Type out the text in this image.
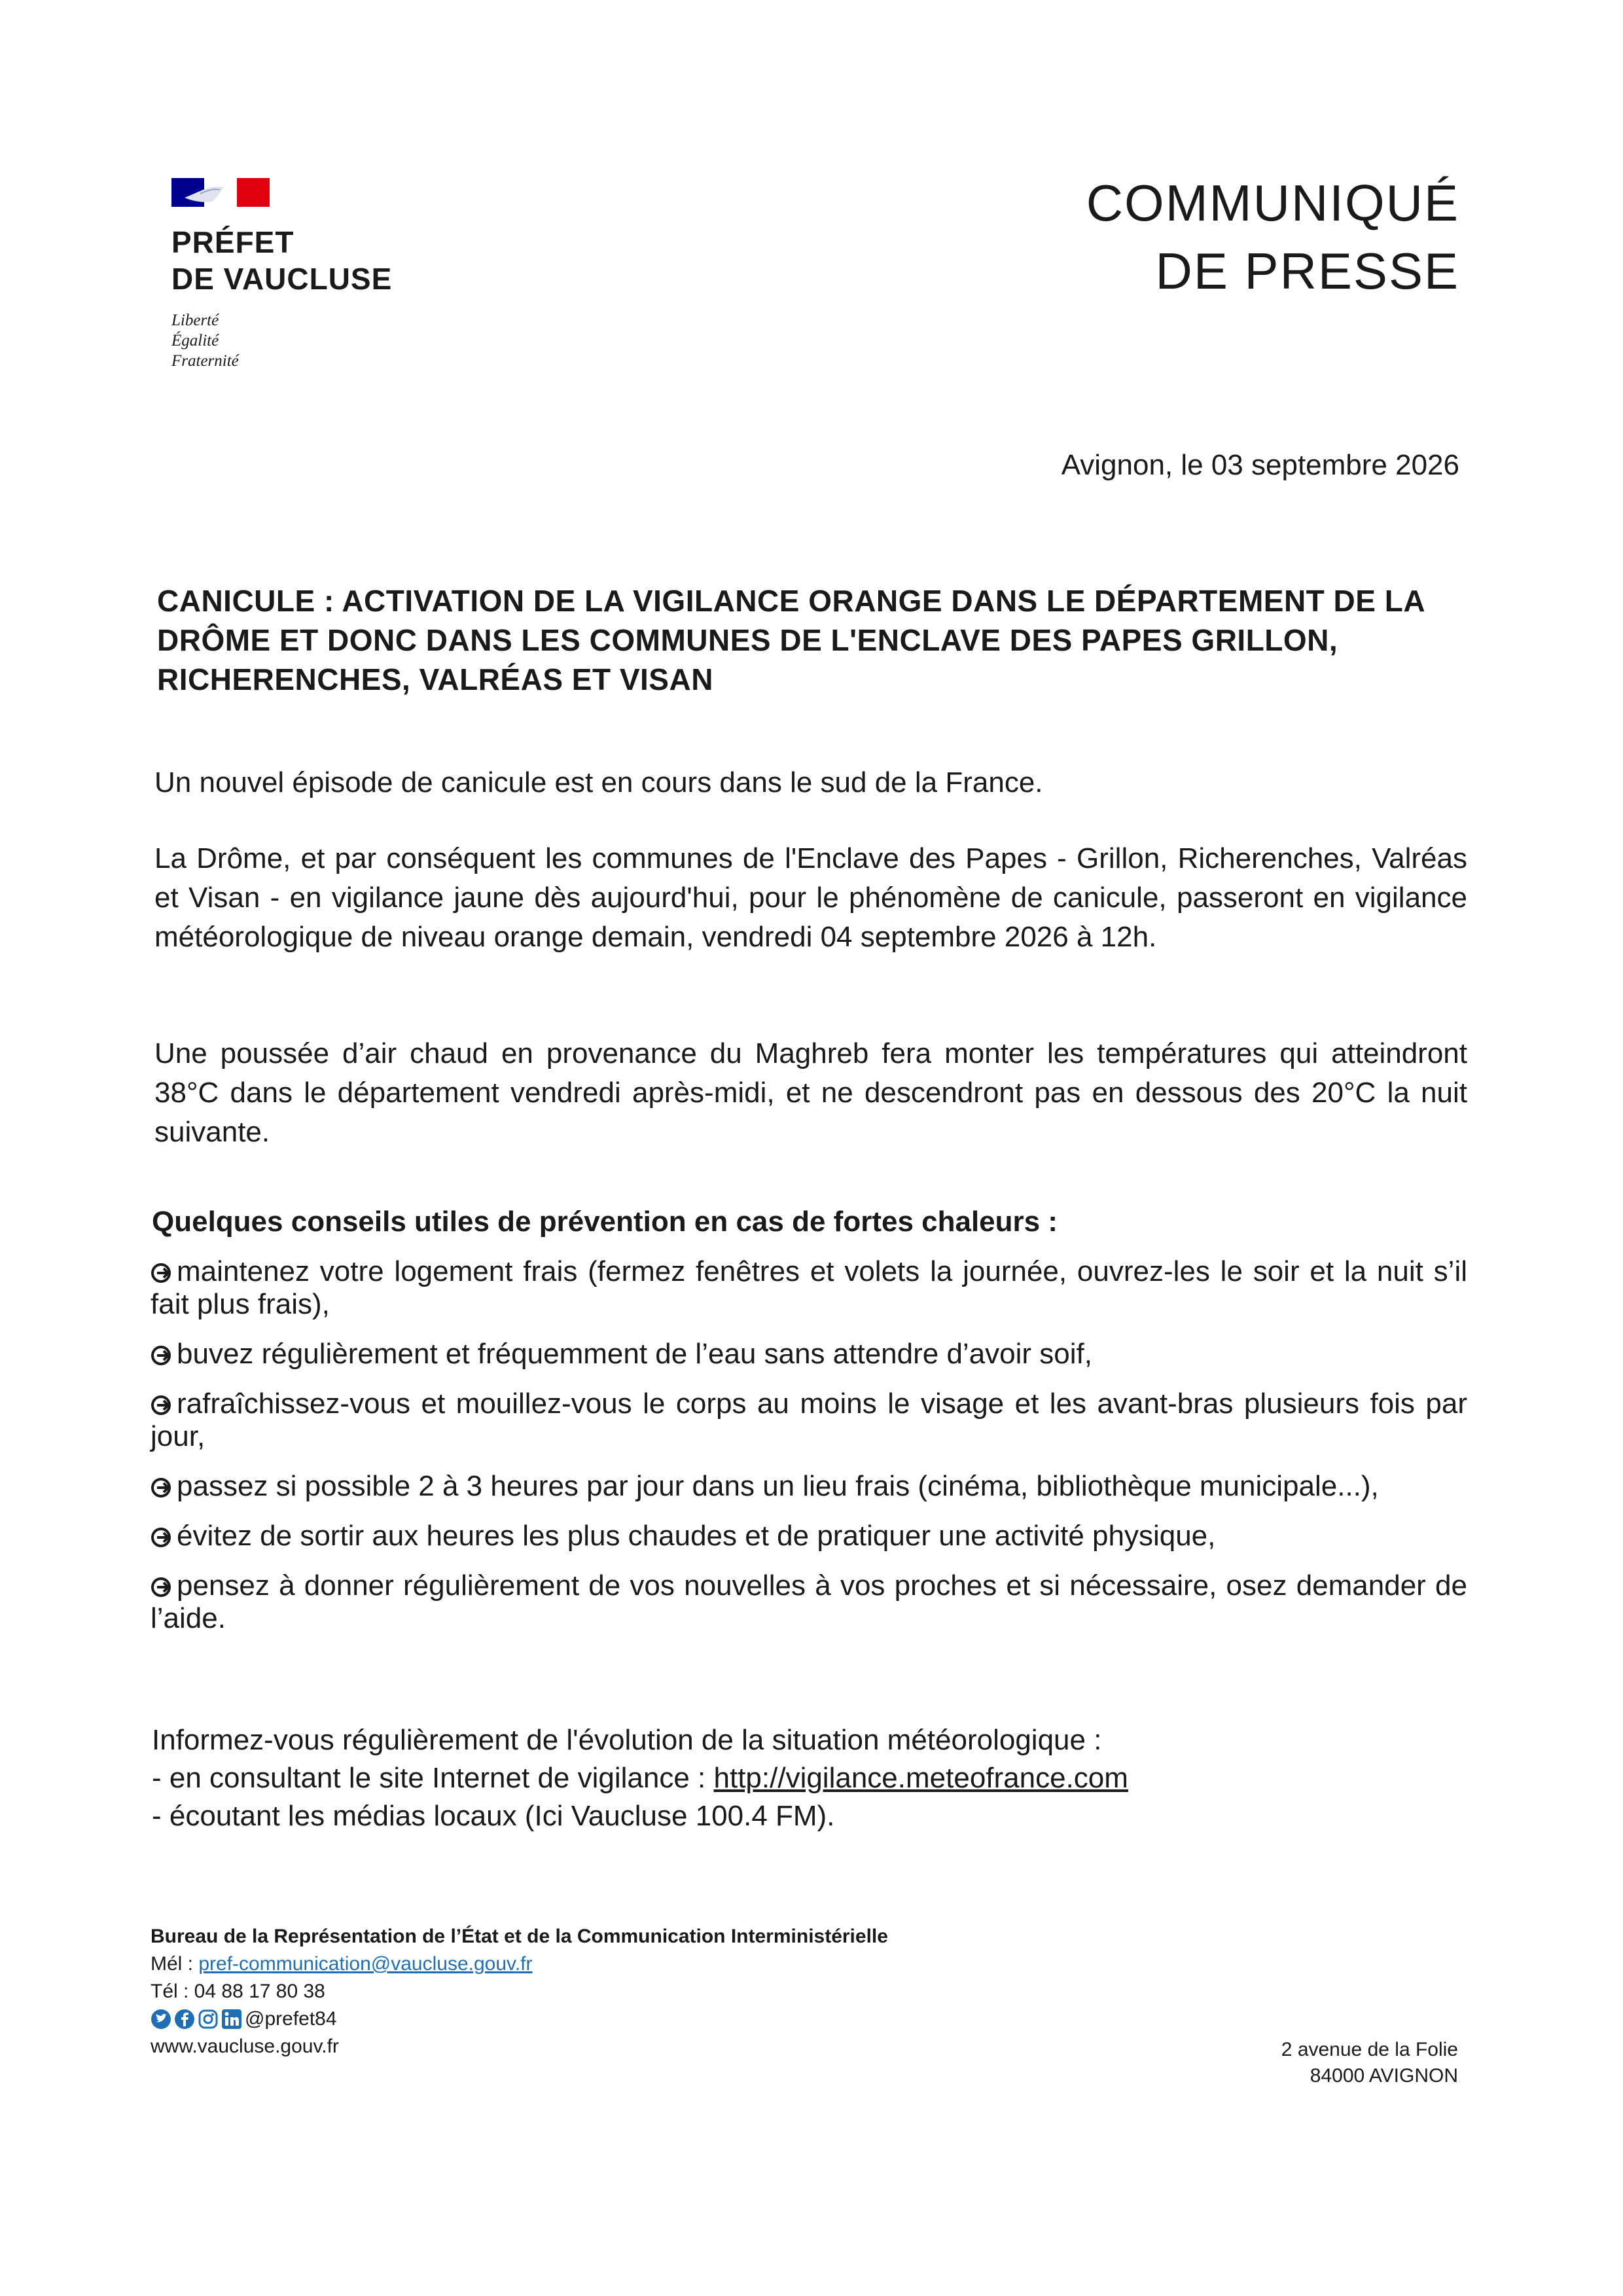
PRÉFET
DE VAUCLUSE
Liberté
Égalité
Fraternité
COMMUNIQUÉ
DE PRESSE
Avignon, le 03 septembre 2026
CANICULE : ACTIVATION DE LA VIGILANCE ORANGE DANS LE DÉPARTEMENT DE LA DRÔME ET DONC DANS LES COMMUNES DE L'ENCLAVE DES PAPES GRILLON, RICHERENCHES, VALRÉAS ET VISAN

Un nouvel épisode de canicule est en cours dans le sud de la France.

La Drôme, et par conséquent les communes de l'Enclave des Papes - Grillon, Richerenches, Valréas et Visan - en vigilance jaune dès aujourd'hui, pour le phénomène de canicule, passeront en vigilance météorologique de niveau orange demain, vendredi 04 septembre 2026 à 12h.

Une poussée d’air chaud en provenance du Maghreb fera monter les températures qui atteindront 38°C dans le département vendredi après-midi, et ne descendront pas en dessous des 20°C la nuit suivante.

Quelques conseils utiles de prévention en cas de fortes chaleurs :

maintenez votre logement frais (fermez fenêtres et volets la journée, ouvrez-les le soir et la nuit s’il fait plus frais),
buvez régulièrement et fréquemment de l’eau sans attendre d’avoir soif,
rafraîchissez-vous et mouillez-vous le corps au moins le visage et les avant-bras plusieurs fois par jour,
passez si possible 2 à 3 heures par jour dans un lieu frais (cinéma, bibliothèque municipale...),
évitez de sortir aux heures les plus chaudes et de pratiquer une activité physique,
pensez à donner régulièrement de vos nouvelles à vos proches et si nécessaire, osez demander de l’aide.
Informez-vous régulièrement de l'évolution de la situation météorologique :
- en consultant le site Internet de vigilance : http://vigilance.meteofrance.com
- écoutant les médias locaux (Ici Vaucluse 100.4 FM).
Bureau de la Représentation de l’État et de la Communication Interministérielle
Mél : pref-communication@vaucluse.gouv.fr
Tél : 04 88 17 80 38
@prefet84
www.vaucluse.gouv.fr	2 avenue de la Folie
84000 AVIGNON
